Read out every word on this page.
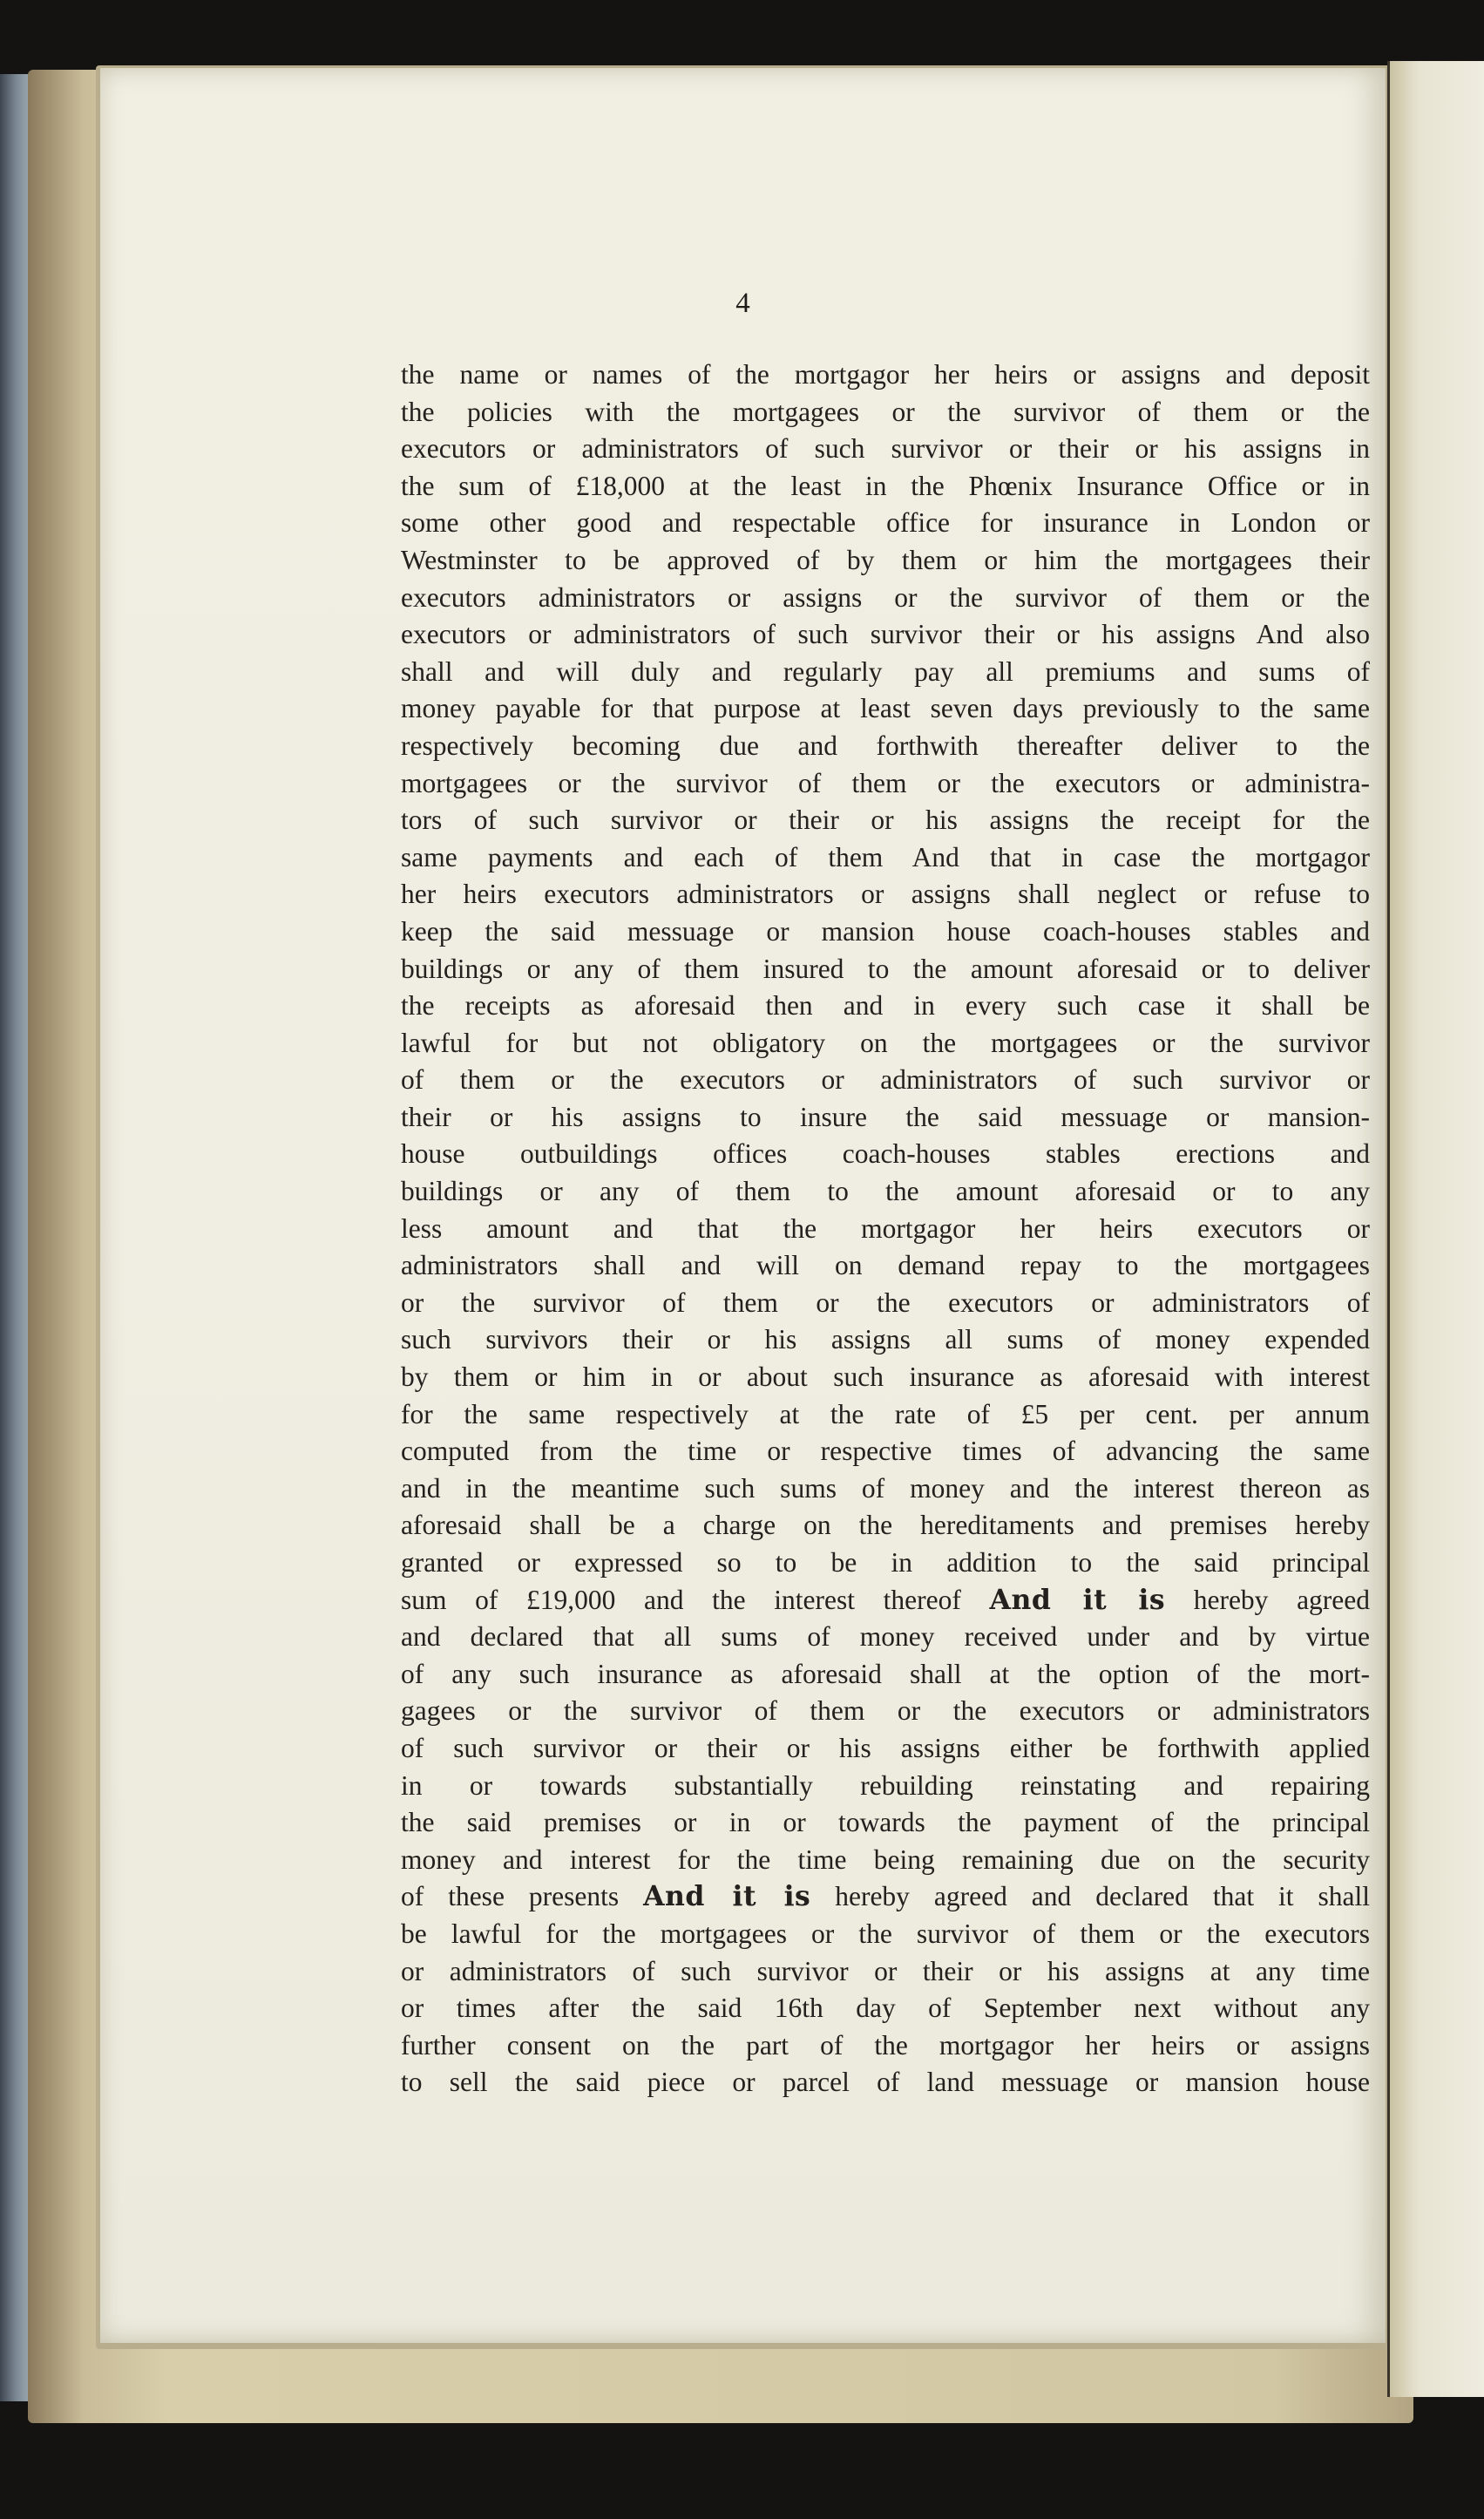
4
the name or names of the mortgagor her heirs or assigns and deposit
the policies with the mortgagees or the survivor of them or the
executors or administrators of such survivor or their or his assigns in
the sum of £18,000 at the least in the Phœnix Insurance Office or in
some other good and respectable office for insurance in London or
Westminster to be approved of by them or him the mortgagees their
executors administrators or assigns or the survivor of them or the
executors or administrators of such survivor their or his assigns And also
shall and will duly and regularly pay all premiums and sums of
money payable for that purpose at least seven days previously to the same
respectively becoming due and forthwith thereafter deliver to the
mortgagees or the survivor of them or the executors or administra-
tors of such survivor or their or his assigns the receipt for the
same payments and each of them And that in case the mortgagor
her heirs executors administrators or assigns shall neglect or refuse to
keep the said messuage or mansion house coach-houses stables and
buildings or any of them insured to the amount aforesaid or to deliver
the receipts as aforesaid then and in every such case it shall be
lawful for but not obligatory on the mortgagees or the survivor
of them or the executors or administrators of such survivor or
their or his assigns to insure the said messuage or mansion-
house outbuildings offices coach-houses stables erections and
buildings or any of them to the amount aforesaid or to any
less amount and that the mortgagor her heirs executors or
administrators shall and will on demand repay to the mortgagees
or the survivor of them or the executors or administrators of
such survivors their or his assigns all sums of money expended
by them or him in or about such insurance as aforesaid with interest
for the same respectively at the rate of £5 per cent. per annum
computed from the time or respective times of advancing the same
and in the meantime such sums of money and the interest thereon as
aforesaid shall be a charge on the hereditaments and premises hereby
granted or expressed so to be in addition to the said principal
sum of £19,000 and the interest thereof And it is hereby agreed
and declared that all sums of money received under and by virtue
of any such insurance as aforesaid shall at the option of the mort-
gagees or the survivor of them or the executors or administrators
of such survivor or their or his assigns either be forthwith applied
in or towards substantially rebuilding reinstating and repairing
the said premises or in or towards the payment of the principal
money and interest for the time being remaining due on the security
of these presents And it is hereby agreed and declared that it shall
be lawful for the mortgagees or the survivor of them or the executors
or administrators of such survivor or their or his assigns at any time
or times after the said 16th day of September next without any
further consent on the part of the mortgagor her heirs or assigns
to sell the said piece or parcel of land messuage or mansion house
